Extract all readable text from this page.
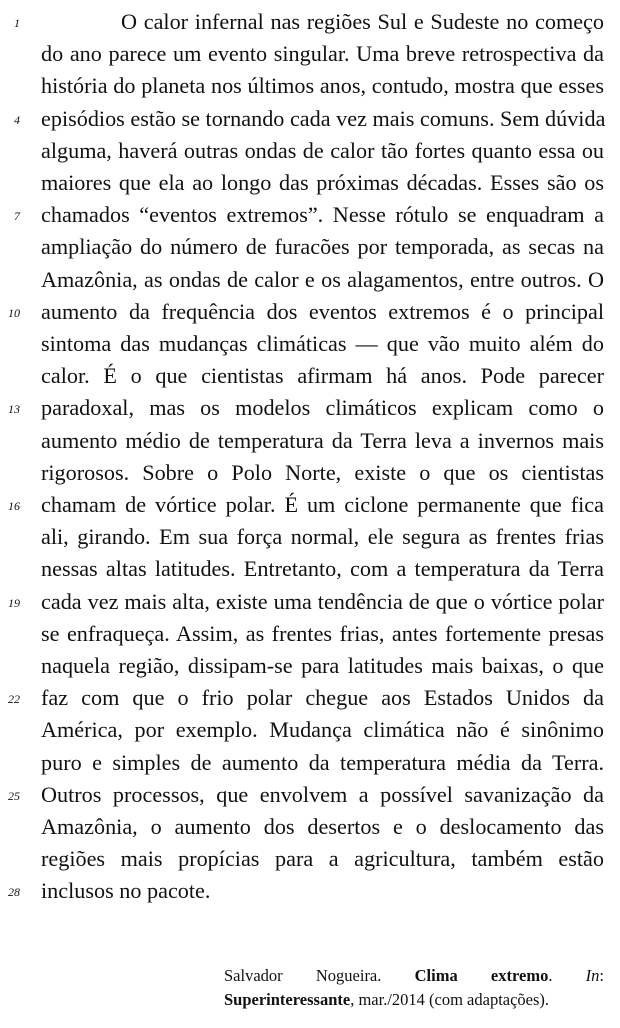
O calor infernal nas regiões Sul e Sudeste no começo
do ano parece um evento singular. Uma breve retrospectiva da
história do planeta nos últimos anos, contudo, mostra que esses
episódios estão se tornando cada vez mais comuns. Sem dúvida
alguma, haverá outras ondas de calor tão fortes quanto essa ou
maiores que ela ao longo das próximas décadas. Esses são os
chamados “eventos extremos”. Nesse rótulo se enquadram a
ampliação do número de furacões por temporada, as secas na
Amazônia, as ondas de calor e os alagamentos, entre outros. O
aumento da frequência dos eventos extremos é o principal
sintoma das mudanças climáticas — que vão muito além do
calor. É o que cientistas afirmam há anos. Pode parecer
paradoxal, mas os modelos climáticos explicam como o
aumento médio de temperatura da Terra leva a invernos mais
rigorosos. Sobre o Polo Norte, existe o que os cientistas
chamam de vórtice polar. É um ciclone permanente que fica
ali, girando. Em sua força normal, ele segura as frentes frias
nessas altas latitudes. Entretanto, com a temperatura da Terra
cada vez mais alta, existe uma tendência de que o vórtice polar
se enfraqueça. Assim, as frentes frias, antes fortemente presas
naquela região, dissipam-se para latitudes mais baixas, o que
faz com que o frio polar chegue aos Estados Unidos da
América, por exemplo. Mudança climática não é sinônimo
puro e simples de aumento da temperatura média da Terra.
Outros processos, que envolvem a possível savanização da
Amazônia, o aumento dos desertos e o deslocamento das
regiões mais propícias para a agricultura, também estão
inclusos no pacote.
1
4
7
10
13
16
19
22
25
28
Salvador Nogueira. Clima extremo. In:
Superinteressante, mar./2014 (com adaptações).
